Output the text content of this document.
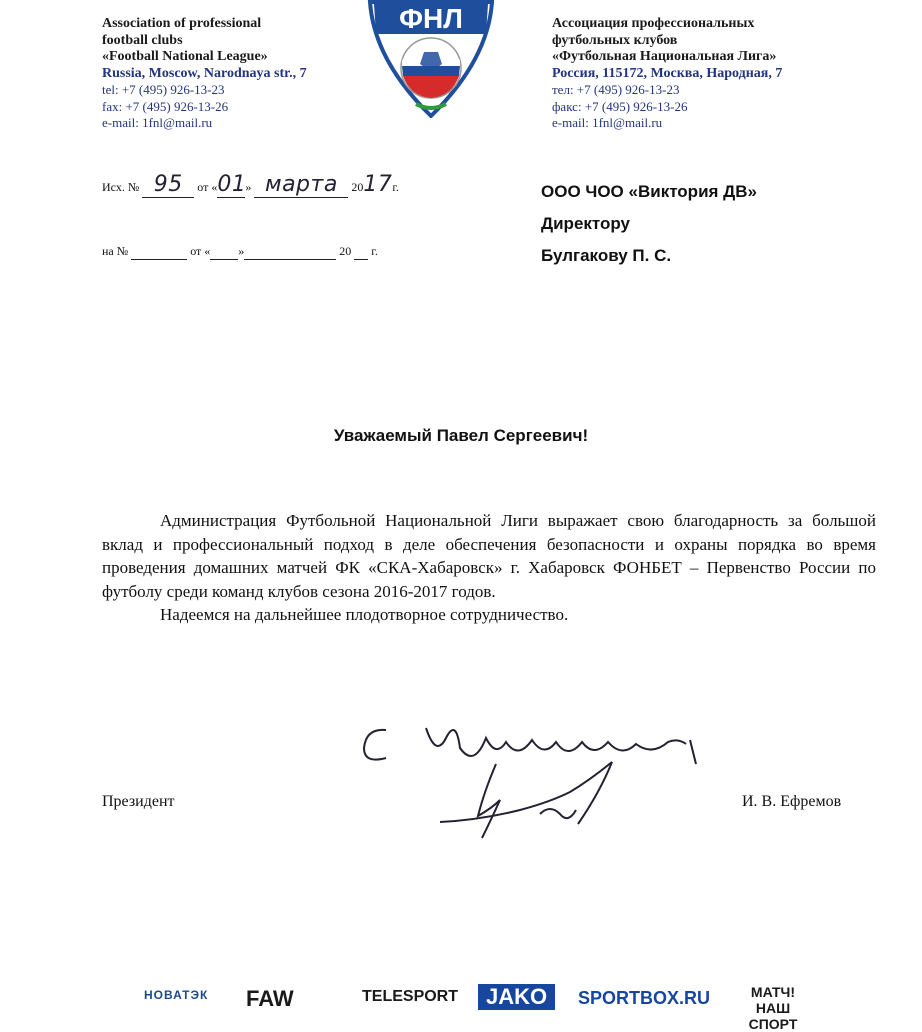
Association of professional
football clubs
«Football National League»
Russia, Moscow, Narodnaya str., 7
tel: +7 (495) 926-13-23
fax: +7 (495) 926-13-26
e-mail: 1fnl@mail.ru
ФНЛ	Ассоциация профессиональных
футбольных клубов
«Футбольная Национальная Лига»
Россия, 115172, Москва, Народная, 7
тел: +7 (495) 926-13-23
факс: +7 (495) 926-13-26
e-mail: 1fnl@mail.ru
Исх. № 95 от «01» марта 2017г.
на №	от « »	20 г.
ООО ЧОО «Виктория ДВ»
Директору
Булгакову П. С.
Уважаемый Павел Сергеевич!

Администрация Футбольной Национальной Лиги выражает свою благодарность за большой вклад и профессиональный подход в деле обеспечения безопасности и охраны порядка во время проведения домашних матчей ФК «СКА-Хабаровск» г. Хабаровск ФОНБЕТ – Первенство России по футболу среди команд клубов сезона 2016-2017 годов.

Надеемся на дальнейшее плодотворное сотрудничество.

Президент	И. В. Ефремов
НОВАТЭК FAW	TELESPORT	JAKO	SPORTBOX.RU	МАТЧ! НАШ СПОРТ
